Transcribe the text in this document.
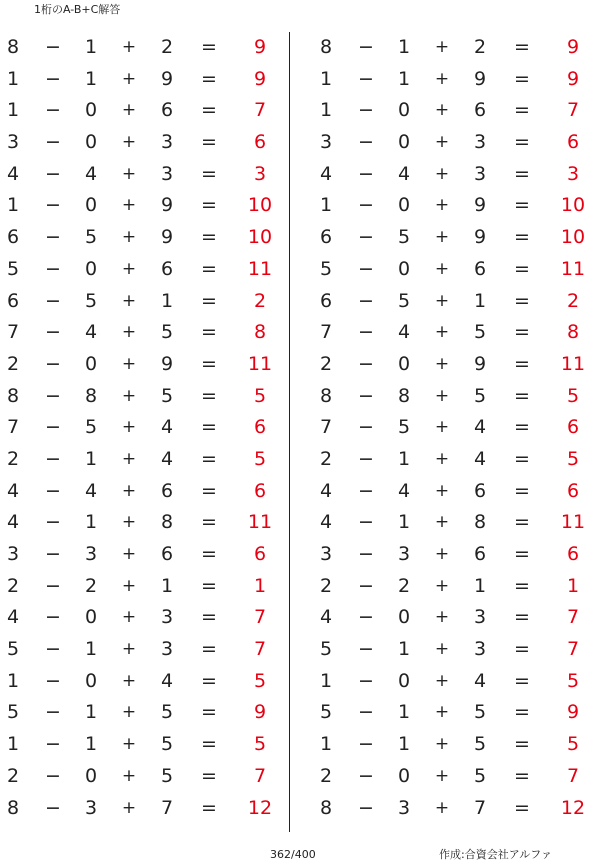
1桁のA-B+C解答
8	−	1	+	2	=	9
1	−	1	+	9	=	9
1	−	0	+	6	=	7
3	−	0	+	3	=	6
4	−	4	+	3	=	3
1	−	0	+	9	=	10
6	−	5	+	9	=	10
5	−	0	+	6	=	11
6	−	5	+	1	=	2
7	−	4	+	5	=	8
2	−	0	+	9	=	11
8	−	8	+	5	=	5
7	−	5	+	4	=	6
2	−	1	+	4	=	5
4	−	4	+	6	=	6
4	−	1	+	8	=	11
3	−	3	+	6	=	6
2	−	2	+	1	=	1
4	−	0	+	3	=	7
5	−	1	+	3	=	7
1	−	0	+	4	=	5
5	−	1	+	5	=	9
1	−	1	+	5	=	5
2	−	0	+	5	=	7
8	−	3	+	7	=	12
8	−	1	+	2	=	9
1	−	1	+	9	=	9
1	−	0	+	6	=	7
3	−	0	+	3	=	6
4	−	4	+	3	=	3
1	−	0	+	9	=	10
6	−	5	+	9	=	10
5	−	0	+	6	=	11
6	−	5	+	1	=	2
7	−	4	+	5	=	8
2	−	0	+	9	=	11
8	−	8	+	5	=	5
7	−	5	+	4	=	6
2	−	1	+	4	=	5
4	−	4	+	6	=	6
4	−	1	+	8	=	11
3	−	3	+	6	=	6
2	−	2	+	1	=	1
4	−	0	+	3	=	7
5	−	1	+	3	=	7
1	−	0	+	4	=	5
5	−	1	+	5	=	9
1	−	1	+	5	=	5
2	−	0	+	5	=	7
8	−	3	+	7	=	12
362/400	作成:合資会社アルファ
